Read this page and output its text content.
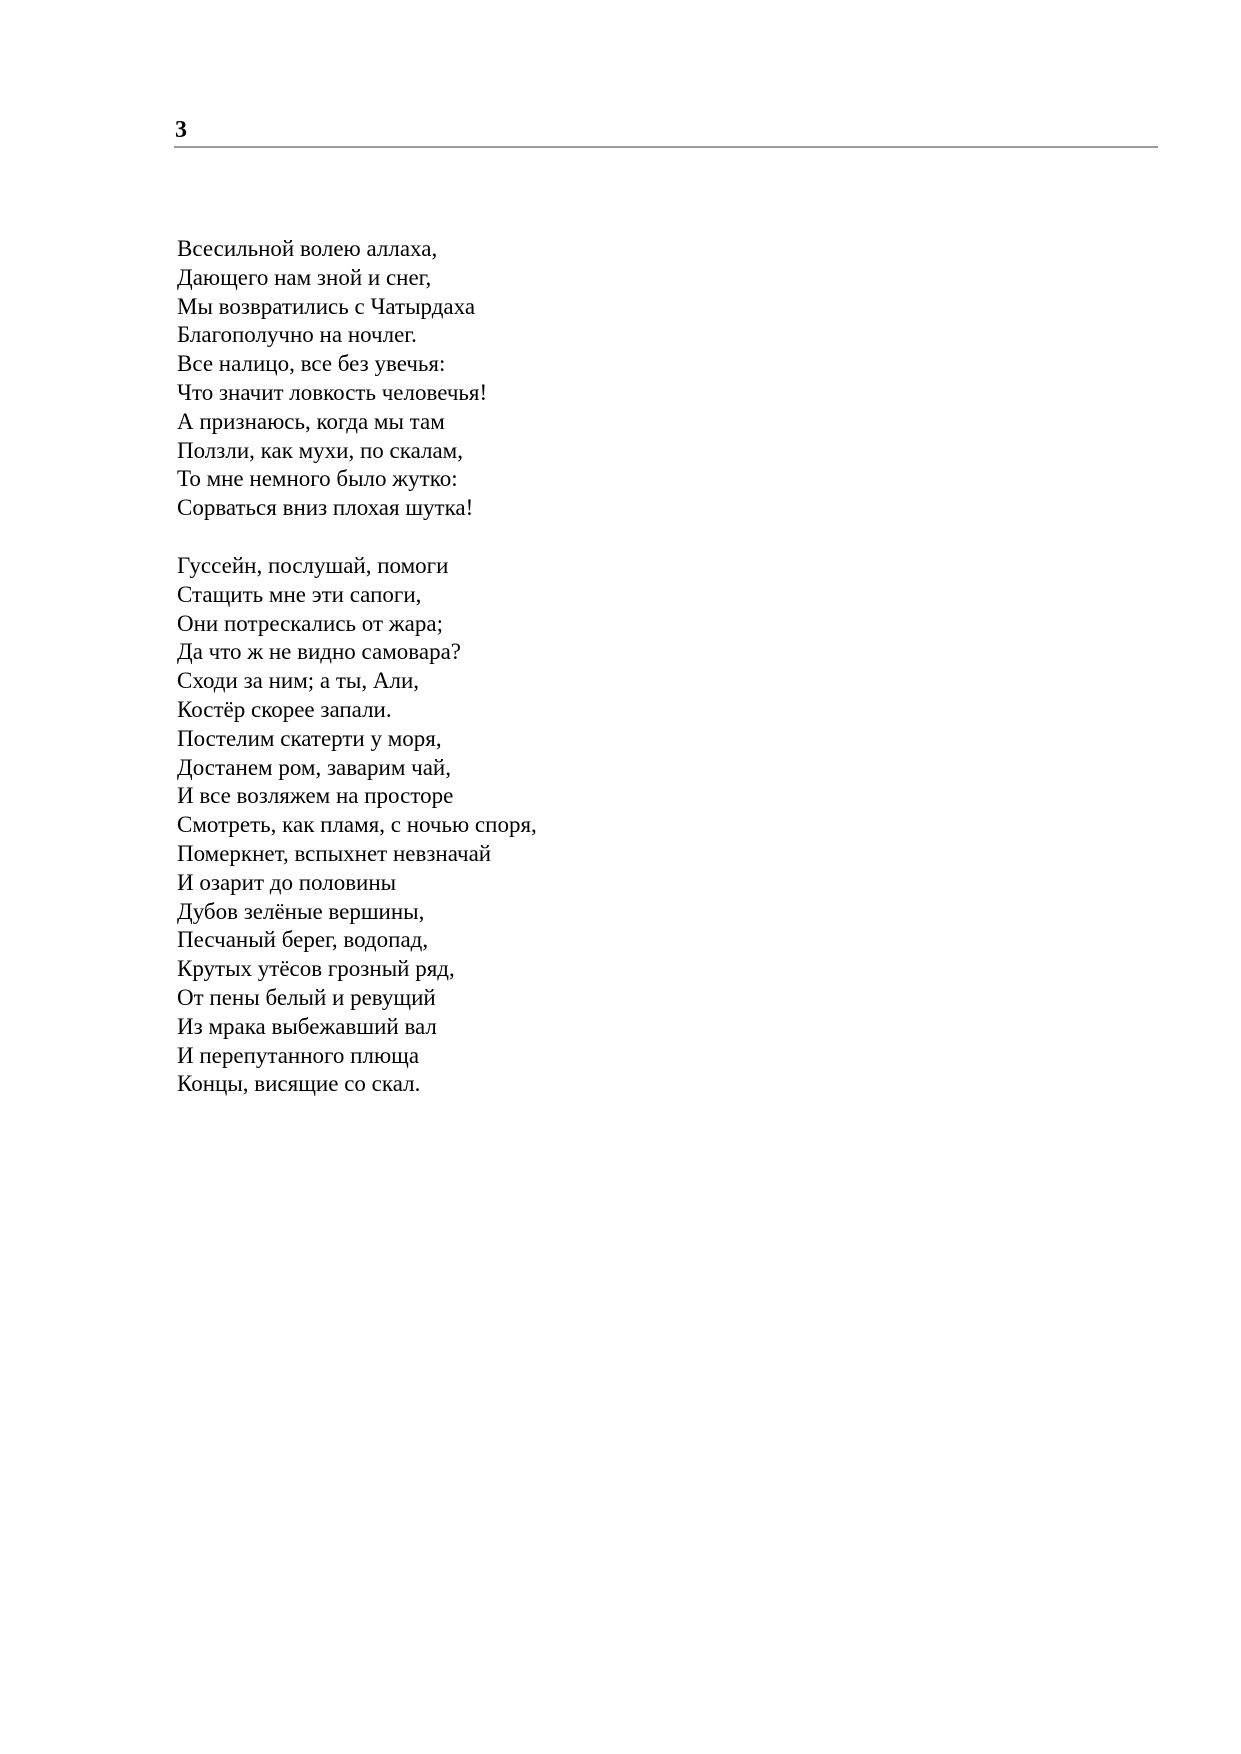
3
Всесильной волею аллаха,
Дающего нам зной и снег,
Мы возвратились с Чатырдаха
Благополучно на ночлег.
Все налицо, все без увечья:
Что значит ловкость человечья!
А признаюсь, когда мы там
Ползли, как мухи, по скалам,
То мне немного было жутко:
Сорваться вниз плохая шутка!
Гуссейн, послушай, помоги
Стащить мне эти сапоги,
Они потрескались от жара;
Да что ж не видно самовара?
Сходи за ним; а ты, Али,
Костёр скорее запали.
Постелим скатерти у моря,
Достанем ром, заварим чай,
И все возляжем на просторе
Смотреть, как пламя, с ночью споря,
Померкнет, вспыхнет невзначай
И озарит до половины
Дубов зелёные вершины,
Песчаный берег, водопад,
Крутых утёсов грозный ряд,
От пены белый и ревущий
Из мрака выбежавший вал
И перепутанного плюща
Концы, висящие со скал.
